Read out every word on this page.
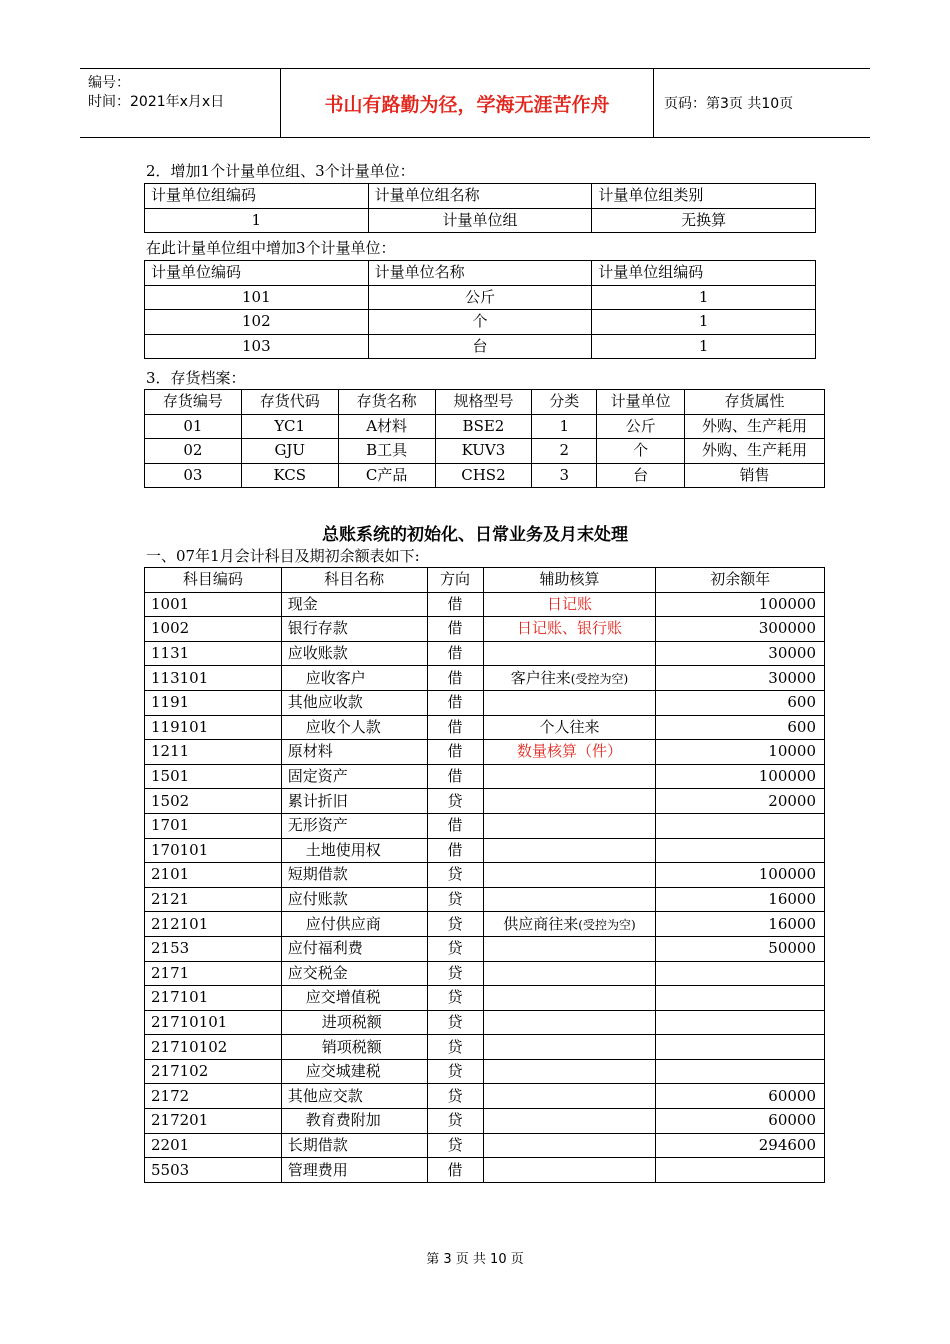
编号：
时间：2021年x月x日	书山有路勤为径，学海无涯苦作舟	页码：第3页 共10页
2．增加1个计量单位组、3个计量单位：
计量单位组编码	计量单位组名称	计量单位组类别
1	计量单位组	无换算
在此计量单位组中增加3个计量单位：
计量单位编码	计量单位名称	计量单位组编码
101	公斤	1
102	个	1
103	台	1
3．存货档案：
存货编号	存货代码	存货名称	规格型号	分类	计量单位	存货属性
01	YC1	A材料	BSE2	1	公斤	外购、生产耗用
02	GJU	B工具	KUV3	2	个	外购、生产耗用
03	KCS	C产品	CHS2	3	台	销售
总账系统的初始化、日常业务及月末处理
一、07年1月会计科目及期初余额表如下:
科目编码	科目名称	方向	辅助核算	初余额年
1001	现金	借	日记账	100000
1002	银行存款	借	日记账、银行账	300000
1131	应收账款	借		30000
113101	应收客户	借	客户往来(受控为空)	30000
1191	其他应收款	借		600
119101	应收个人款	借	个人往来	600
1211	原材料	借	数量核算（件）	10000
1501	固定资产	借		100000
1502	累计折旧	贷		20000
1701	无形资产	借		
170101	土地使用权	借		
2101	短期借款	贷		100000
2121	应付账款	贷		16000
212101	应付供应商	贷	供应商往来(受控为空)	16000
2153	应付福利费	贷		50000
2171	应交税金	贷		
217101	应交增值税	贷		
21710101	进项税额	贷		
21710102	销项税额	贷		
217102	应交城建税	贷		
2172	其他应交款	贷		60000
217201	教育费附加	贷		60000
2201	长期借款	贷		294600
5503	管理费用	借		
第 3 页 共 10 页
